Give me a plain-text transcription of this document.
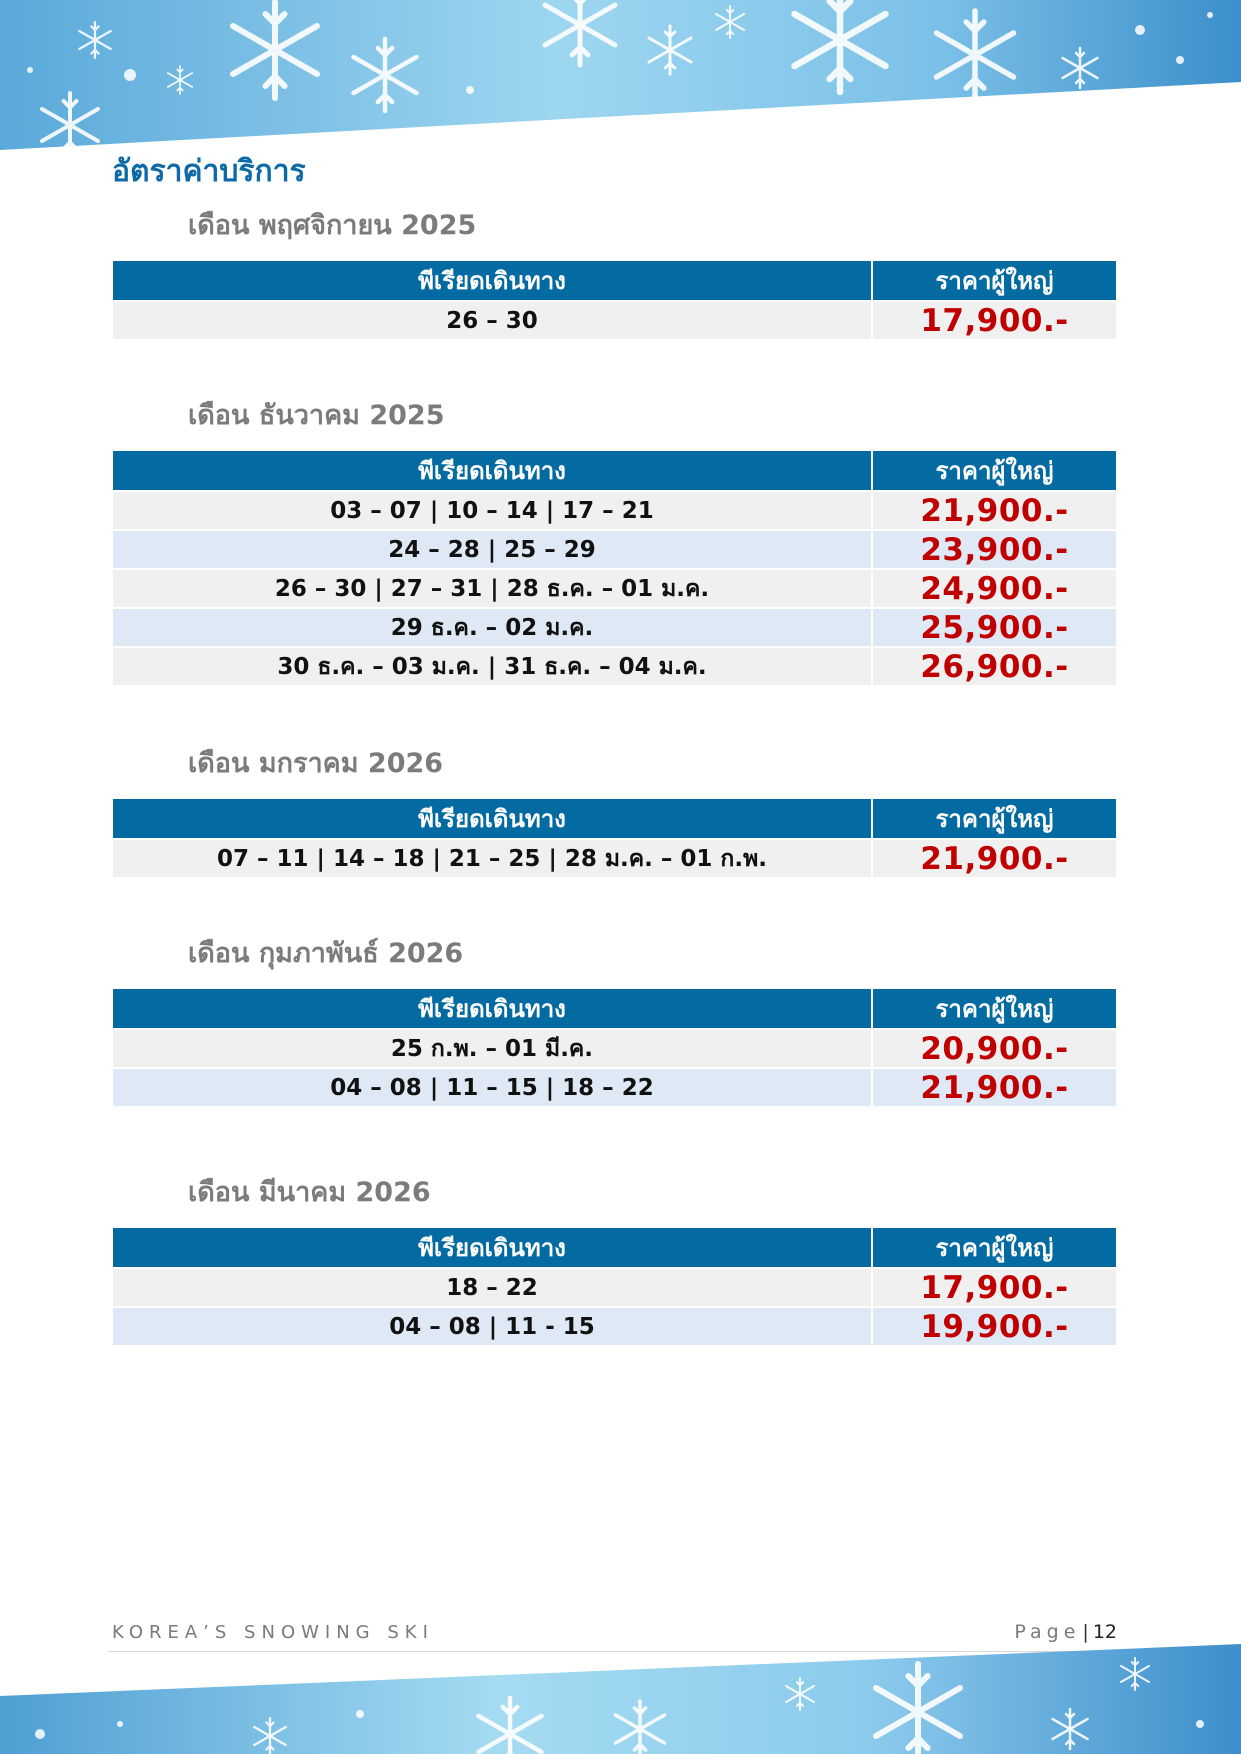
อัตราค่าบริการ
เดือน พฤศจิกายน 2025
พีเรียดเดินทาง	ราคาผู้ใหญ่
26 – 30	17,900.-
เดือน ธันวาคม 2025
พีเรียดเดินทาง	ราคาผู้ใหญ่
03 – 07 | 10 – 14 | 17 – 21	21,900.-
24 – 28 | 25 – 29	23,900.-
26 – 30 | 27 – 31 | 28 ธ.ค. – 01 ม.ค.	24,900.-
29 ธ.ค. – 02 ม.ค.	25,900.-
30 ธ.ค. – 03 ม.ค. | 31 ธ.ค. – 04 ม.ค.	26,900.-
เดือน มกราคม 2026
พีเรียดเดินทาง	ราคาผู้ใหญ่
07 – 11 | 14 – 18 | 21 – 25 | 28 ม.ค. – 01 ก.พ.	21,900.-
เดือน กุมภาพันธ์ 2026
พีเรียดเดินทาง	ราคาผู้ใหญ่
25 ก.พ. – 01 มี.ค.	20,900.-
04 – 08 | 11 – 15 | 18 – 22	21,900.-
เดือน มีนาคม 2026
พีเรียดเดินทาง	ราคาผู้ใหญ่
18 – 22	17,900.-
04 – 08 | 11 - 15	19,900.-
KOREA’S SNOWING SKI	Page | 12
